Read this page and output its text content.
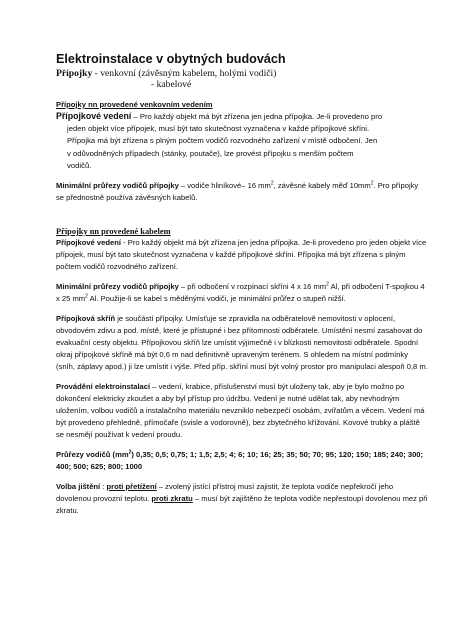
Elektroinstalace v obytných budovách
Přípojky - venkovní (závěsným kabelem, holými vodiči)
- kabelové
Přípojky nn provedené venkovním vedením
Přípojkové vedení – Pro každý objekt má být zřízena jen jedna přípojka. Je-li provedeno pro
jeden objekt více přípojek, musí být tato skutečnost vyznačena v každé přípojkové skříni.
Přípojka má být zřízena s plným počtem vodičů rozvodného zařízení v místě odbočení. Jen
v odůvodněných případech (stánky, poutače), lze provést přípojku s menším počtem
vodičů.
Minimální průřezy vodičů přípojky – vodiče hliníkové– 16 $mm^2$, závěsné kabely měď $10mm^2$. Pro přípojky se přednostně používá závěsných kabelů.
Přípojky nn provedené kabelem
Přípojkové vedení - Pro každý objekt má být zřízena jen jedna přípojka. Je-li provedeno pro jeden objekt více přípojek, musí být tato skutečnost vyznačena v každé přípojkové skříni. Přípojka má být zřízena s plným počtem vodičů rozvodného zařízení.
Minimální průřezy vodičů přípojky – při odbočení v rozpínací skříni 4 x 16 $mm^2$ Al, při odbočení T-spojkou 4 x 25 $mm^2$ Al. Použije-li se kabel s měděnými vodiči, je minimální průřez o stupeň nižší.
Přípojková skříň je součástí přípojky. Umísťuje se zpravidla na odběratelově nemovitosti v oplocení, obvodovém zdivu a pod. místě, které je přístupné i bez přítomnosti odběratele. Umístění nesmí zasahovat do evakuační cesty objektu. Přípojkovou skříň lze umístit výjimečně i v blízkosti nemovitosti odběratele. Spodní okraj přípojkové skříně má být 0,6 m nad definitivně upraveným terénem. S ohledem na místní podmínky (sníh, záplavy apod.) ji lze umístit i výše. Před příp. skříní musí být volný prostor pro manipulaci alespoň 0,8 m.
Provádění elektroinstalací – vedení, krabice, příslušenství musí být uloženy tak, aby je bylo možno po dokončení elektricky zkoušet a aby byl přístup pro údržbu. Vedení je nutné udělat tak, aby nevhodným uložením, volbou vodičů a instalačního materiálu nevzniklo nebezpečí osobám, zvířatům a věcem. Vedení má být provedeno přehledně, přímočaře (svisle a vodorovně), bez zbytečného křížování. Kovové trubky a pláště se nesmějí používat k vedení proudu.
Průřezy vodičů $(mm^2)$ 0,35; 0,5; 0,75; 1; 1,5; 2,5; 4; 6; 10; 16; 25; 35; 50; 70; 95; 120; 150; 185; 240; 300; 400; 500; 625; 800; 1000
Volba jištění : proti přetížení – zvolený jistící přístroj musí zajistit, že teplota vodiče nepřekročí jeho dovolenou provozní teplotu. proti zkratu – musí být zajištěno že teplota vodiče nepřestoupí dovolenou mez při zkratu.
